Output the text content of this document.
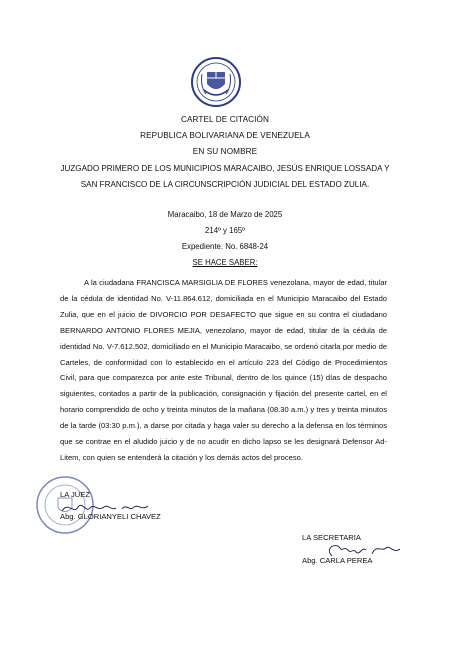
CARTEL DE CITACIÓN
REPUBLICA BOLIVARIANA DE VENEZUELA
EN SU NOMBRE
JUZGADO PRIMERO DE LOS MUNICIPIOS MARACAIBO, JESÚS ENRIQUE LOSSADA Y SAN FRANCISCO DE LA CIRCUNSCRIPCIÓN JUDICIAL DEL ESTADO ZULIA.
Maracaibo, 18 de Marzo de 2025
214º y 165º
Expediente. No. 6848-24
SE HACE SABER:
A la ciudadana FRANCISCA MARSIGLIA DE FLORES venezolana, mayor de edad, titular de la cédula de identidad No. V-11.864.612, domiciliada en el Municipio Maracaibo del Estado Zulia, que en el juicio de DIVORCIO POR DESAFECTO que sigue en su contra el ciudadano BERNARDO ANTONIO FLORES MEJIA, venezolano, mayor de edad, titular de la cédula de identidad No. V-7.612.502, domiciliado en el Municipio Maracaibo, se ordenó citarla por medio de Carteles, de conformidad con lo establecido en el artículo 223 del Código de Procedimientos Civil, para que comparezca por ante este Tribunal, dentro de los quince (15) días de despacho siguientes, contados a partir de la publicación, consignación y fijación del presente cartel, en el horario comprendido de ocho y treinta minutos de la mañana (08.30 a.m.) y tres y treinta minutos de la tarde (03:30 p.m.), a darse por citada y haga valer su derecho a la defensa en los términos que se contrae en el aludido juicio y de no acudir en dicho lapso se les designará Defensor Ad-Litem, con quien se entenderá la citación y los demás actos del proceso.
LA JUEZ
Abg. GLORIANYELI CHAVEZ
LA SECRETARIA
Abg. CARLA PEREA
